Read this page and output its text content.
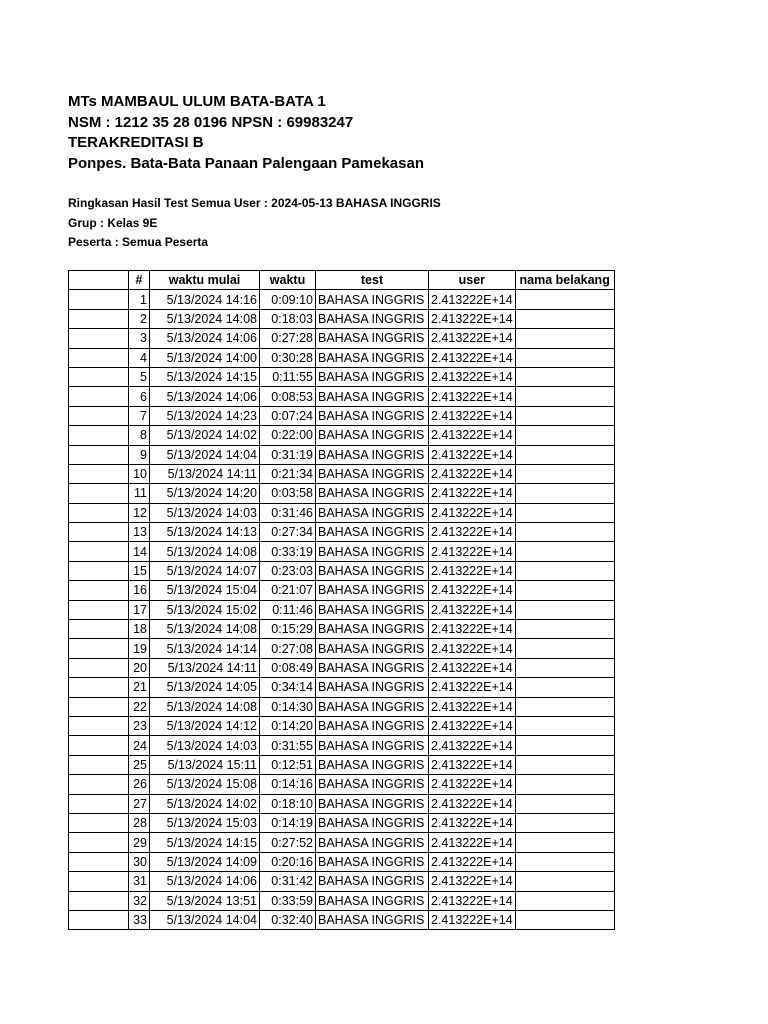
MTs MAMBAUL ULUM BATA-BATA 1
NSM : 1212 35 28 0196 NPSN : 69983247
TERAKREDITASI B
Ponpes. Bata-Bata Panaan Palengaan Pamekasan
Ringkasan Hasil Test Semua User : 2024-05-13 BAHASA INGGRIS
Grup : Kelas 9E
Peserta : Semua Peserta
	#	waktu mulai	waktu	test	user	nama belakang
	1	5/13/2024 14:16	0:09:10	BAHASA INGGRIS	2.413222E+14	
	2	5/13/2024 14:08	0:18:03	BAHASA INGGRIS	2.413222E+14	
	3	5/13/2024 14:06	0:27:28	BAHASA INGGRIS	2.413222E+14	
	4	5/13/2024 14:00	0:30:28	BAHASA INGGRIS	2.413222E+14	
	5	5/13/2024 14:15	0:11:55	BAHASA INGGRIS	2.413222E+14	
	6	5/13/2024 14:06	0:08:53	BAHASA INGGRIS	2.413222E+14	
	7	5/13/2024 14:23	0:07:24	BAHASA INGGRIS	2.413222E+14	
	8	5/13/2024 14:02	0:22:00	BAHASA INGGRIS	2.413222E+14	
	9	5/13/2024 14:04	0:31:19	BAHASA INGGRIS	2.413222E+14	
	10	5/13/2024 14:11	0:21:34	BAHASA INGGRIS	2.413222E+14	
	11	5/13/2024 14:20	0:03:58	BAHASA INGGRIS	2.413222E+14	
	12	5/13/2024 14:03	0:31:46	BAHASA INGGRIS	2.413222E+14	
	13	5/13/2024 14:13	0:27:34	BAHASA INGGRIS	2.413222E+14	
	14	5/13/2024 14:08	0:33:19	BAHASA INGGRIS	2.413222E+14	
	15	5/13/2024 14:07	0:23:03	BAHASA INGGRIS	2.413222E+14	
	16	5/13/2024 15:04	0:21:07	BAHASA INGGRIS	2.413222E+14	
	17	5/13/2024 15:02	0:11:46	BAHASA INGGRIS	2.413222E+14	
	18	5/13/2024 14:08	0:15:29	BAHASA INGGRIS	2.413222E+14	
	19	5/13/2024 14:14	0:27:08	BAHASA INGGRIS	2.413222E+14	
	20	5/13/2024 14:11	0:08:49	BAHASA INGGRIS	2.413222E+14	
	21	5/13/2024 14:05	0:34:14	BAHASA INGGRIS	2.413222E+14	
	22	5/13/2024 14:08	0:14:30	BAHASA INGGRIS	2.413222E+14	
	23	5/13/2024 14:12	0:14:20	BAHASA INGGRIS	2.413222E+14	
	24	5/13/2024 14:03	0:31:55	BAHASA INGGRIS	2.413222E+14	
	25	5/13/2024 15:11	0:12:51	BAHASA INGGRIS	2.413222E+14	
	26	5/13/2024 15:08	0:14:16	BAHASA INGGRIS	2.413222E+14	
	27	5/13/2024 14:02	0:18:10	BAHASA INGGRIS	2.413222E+14	
	28	5/13/2024 15:03	0:14:19	BAHASA INGGRIS	2.413222E+14	
	29	5/13/2024 14:15	0:27:52	BAHASA INGGRIS	2.413222E+14	
	30	5/13/2024 14:09	0:20:16	BAHASA INGGRIS	2.413222E+14	
	31	5/13/2024 14:06	0:31:42	BAHASA INGGRIS	2.413222E+14	
	32	5/13/2024 13:51	0:33:59	BAHASA INGGRIS	2.413222E+14	
	33	5/13/2024 14:04	0:32:40	BAHASA INGGRIS	2.413222E+14	
